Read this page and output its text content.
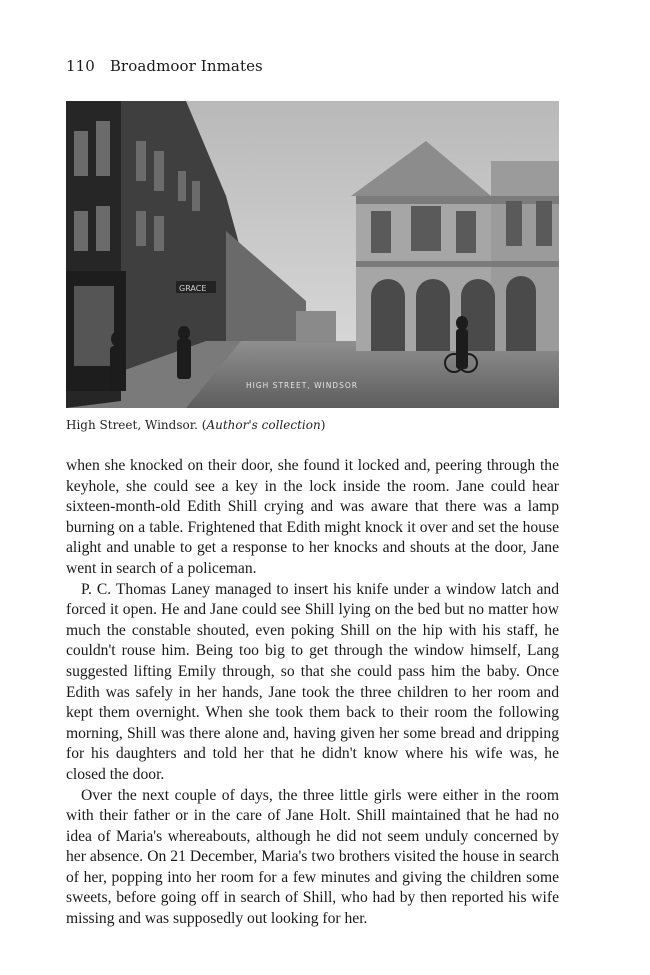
110 Broadmoor Inmates
GRACE
HIGH STREET, WINDSOR
High Street, Windsor. (Author's collection)

when she knocked on their door, she found it locked and, peering through the keyhole, she could see a key in the lock inside the room. Jane could hear sixteen-month-old Edith Shill crying and was aware that there was a lamp burning on a table. Frightened that Edith might knock it over and set the house alight and unable to get a response to her knocks and shouts at the door, Jane went in search of a policeman.

P. C. Thomas Laney managed to insert his knife under a window latch and forced it open. He and Jane could see Shill lying on the bed but no matter how much the constable shouted, even poking Shill on the hip with his staff, he couldn't rouse him. Being too big to get through the window himself, Lang suggested lifting Emily through, so that she could pass him the baby. Once Edith was safely in her hands, Jane took the three children to her room and kept them overnight. When she took them back to their room the following morning, Shill was there alone and, having given her some bread and dripping for his daughters and told her that he didn't know where his wife was, he closed the door.

Over the next couple of days, the three little girls were either in the room with their father or in the care of Jane Holt. Shill maintained that he had no idea of Maria's whereabouts, although he did not seem unduly concerned by her absence. On 21 December, Maria's two brothers visited the house in search of her, popping into her room for a few minutes and giving the children some sweets, before going off in search of Shill, who had by then reported his wife missing and was supposedly out looking for her.
